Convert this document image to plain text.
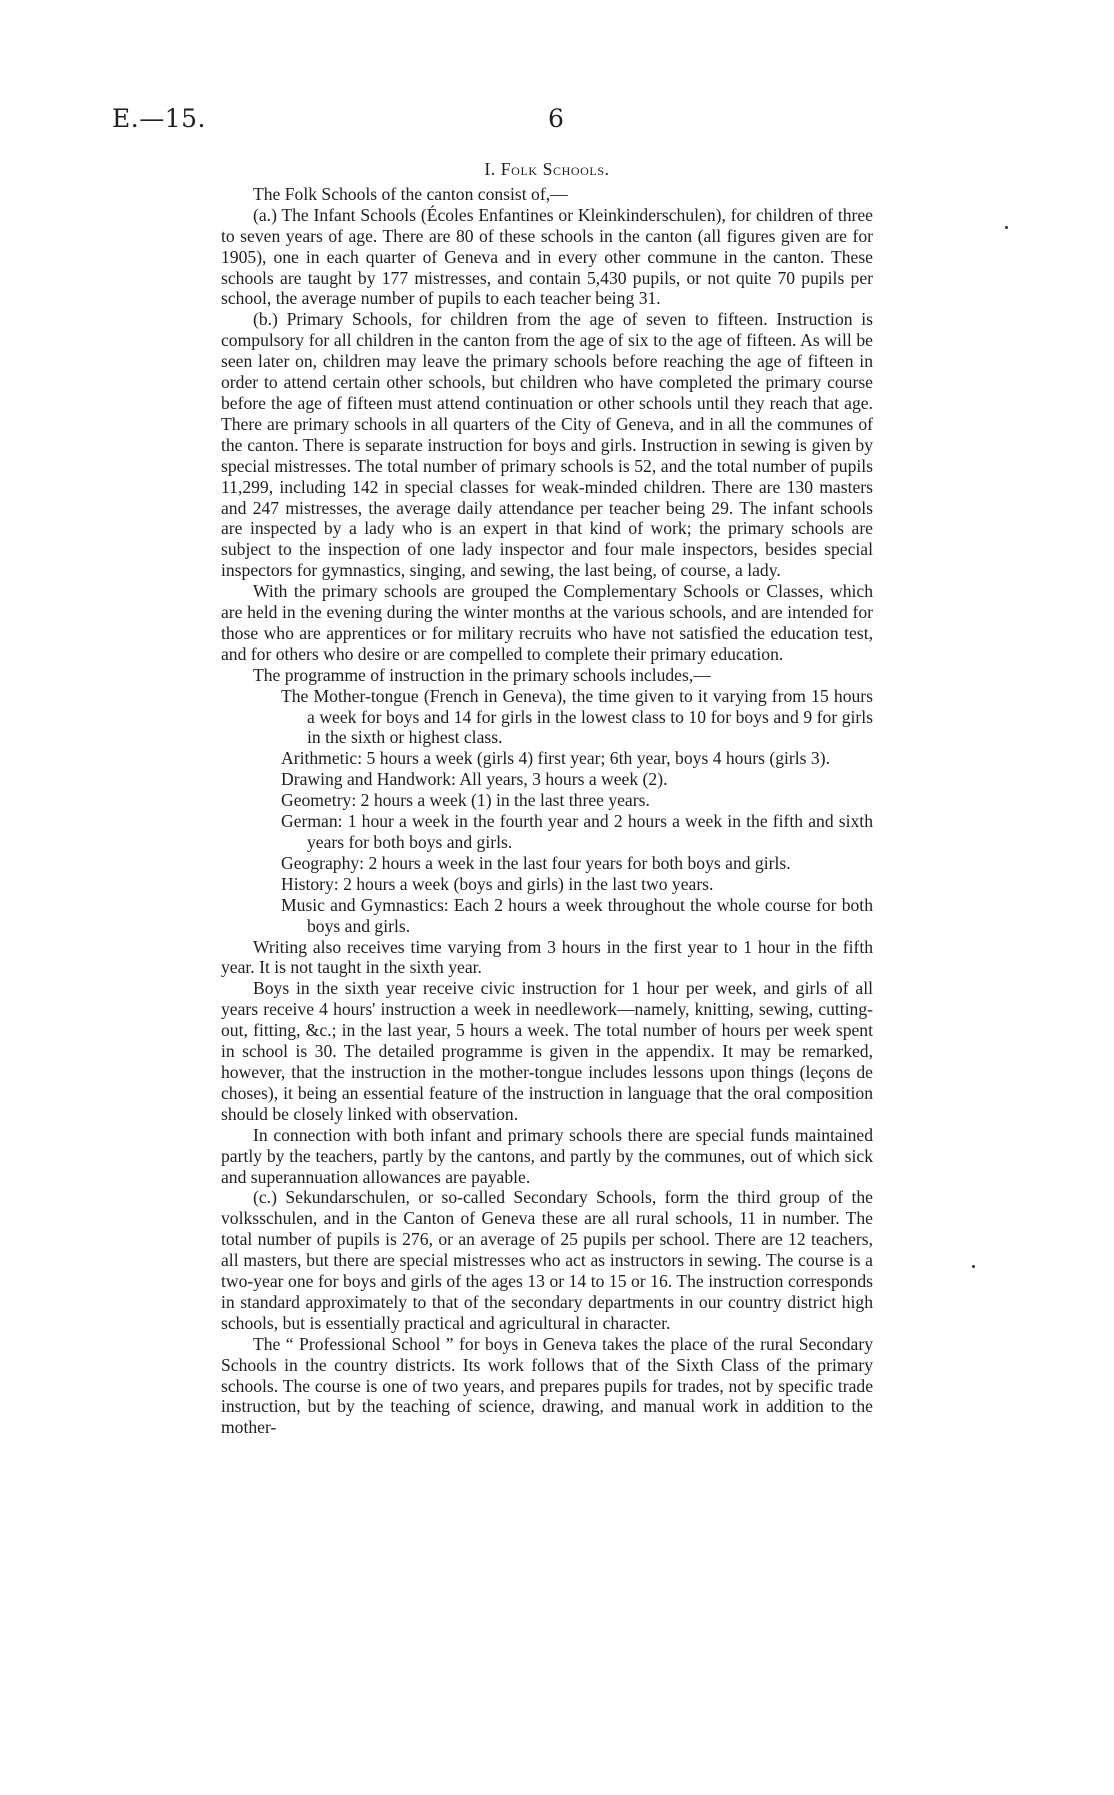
E.—15.	6
I. Folk Schools.

The Folk Schools of the canton consist of,—

(a.) The Infant Schools (Écoles Enfantines or Kleinkinderschulen), for children of three to seven years of age. There are 80 of these schools in the canton (all figures given are for 1905), one in each quarter of Geneva and in every other commune in the canton. These schools are taught by 177 mistresses, and contain 5,430 pupils, or not quite 70 pupils per school, the average number of pupils to each teacher being 31.

(b.) Primary Schools, for children from the age of seven to fifteen. Instruction is compulsory for all children in the canton from the age of six to the age of fifteen. As will be seen later on, children may leave the primary schools before reaching the age of fifteen in order to attend certain other schools, but children who have completed the primary course before the age of fifteen must attend continuation or other schools until they reach that age. There are primary schools in all quarters of the City of Geneva, and in all the communes of the canton. There is separate instruction for boys and girls. Instruction in sewing is given by special mistresses. The total number of primary schools is 52, and the total number of pupils 11,299, including 142 in special classes for weak-minded children. There are 130 masters and 247 mistresses, the average daily attendance per teacher being 29. The infant schools are inspected by a lady who is an expert in that kind of work; the primary schools are subject to the inspection of one lady inspector and four male inspectors, besides special inspectors for gymnastics, singing, and sewing, the last being, of course, a lady.

With the primary schools are grouped the Complementary Schools or Classes, which are held in the evening during the winter months at the various schools, and are intended for those who are apprentices or for military recruits who have not satisfied the education test, and for others who desire or are compelled to complete their primary education.

The programme of instruction in the primary schools includes,—

The Mother-tongue (French in Geneva), the time given to it varying from 15 hours a week for boys and 14 for girls in the lowest class to 10 for boys and 9 for girls in the sixth or highest class.

Arithmetic: 5 hours a week (girls 4) first year; 6th year, boys 4 hours (girls 3).

Drawing and Handwork: All years, 3 hours a week (2).

Geometry: 2 hours a week (1) in the last three years.

German: 1 hour a week in the fourth year and 2 hours a week in the fifth and sixth years for both boys and girls.

Geography: 2 hours a week in the last four years for both boys and girls.

History: 2 hours a week (boys and girls) in the last two years.

Music and Gymnastics: Each 2 hours a week throughout the whole course for both boys and girls.

Writing also receives time varying from 3 hours in the first year to 1 hour in the fifth year. It is not taught in the sixth year.

Boys in the sixth year receive civic instruction for 1 hour per week, and girls of all years receive 4 hours' instruction a week in needlework—namely, knitting, sewing, cutting-out, fitting, &c.; in the last year, 5 hours a week. The total number of hours per week spent in school is 30. The detailed programme is given in the appendix. It may be remarked, however, that the instruction in the mother-tongue includes lessons upon things (leçons de choses), it being an essential feature of the instruction in language that the oral composition should be closely linked with observation.

In connection with both infant and primary schools there are special funds maintained partly by the teachers, partly by the cantons, and partly by the communes, out of which sick and superannuation allowances are payable.

(c.) Sekundarschulen, or so-called Secondary Schools, form the third group of the volksschulen, and in the Canton of Geneva these are all rural schools, 11 in number. The total number of pupils is 276, or an average of 25 pupils per school. There are 12 teachers, all masters, but there are special mistresses who act as instructors in sewing. The course is a two-year one for boys and girls of the ages 13 or 14 to 15 or 16. The instruction corresponds in standard approximately to that of the secondary departments in our country district high schools, but is essentially practical and agricultural in character.

The “ Professional School ” for boys in Geneva takes the place of the rural Secondary Schools in the country districts. Its work follows that of the Sixth Class of the primary schools. The course is one of two years, and prepares pupils for trades, not by specific trade instruction, but by the teaching of science, drawing, and manual work in addition to the mother-
